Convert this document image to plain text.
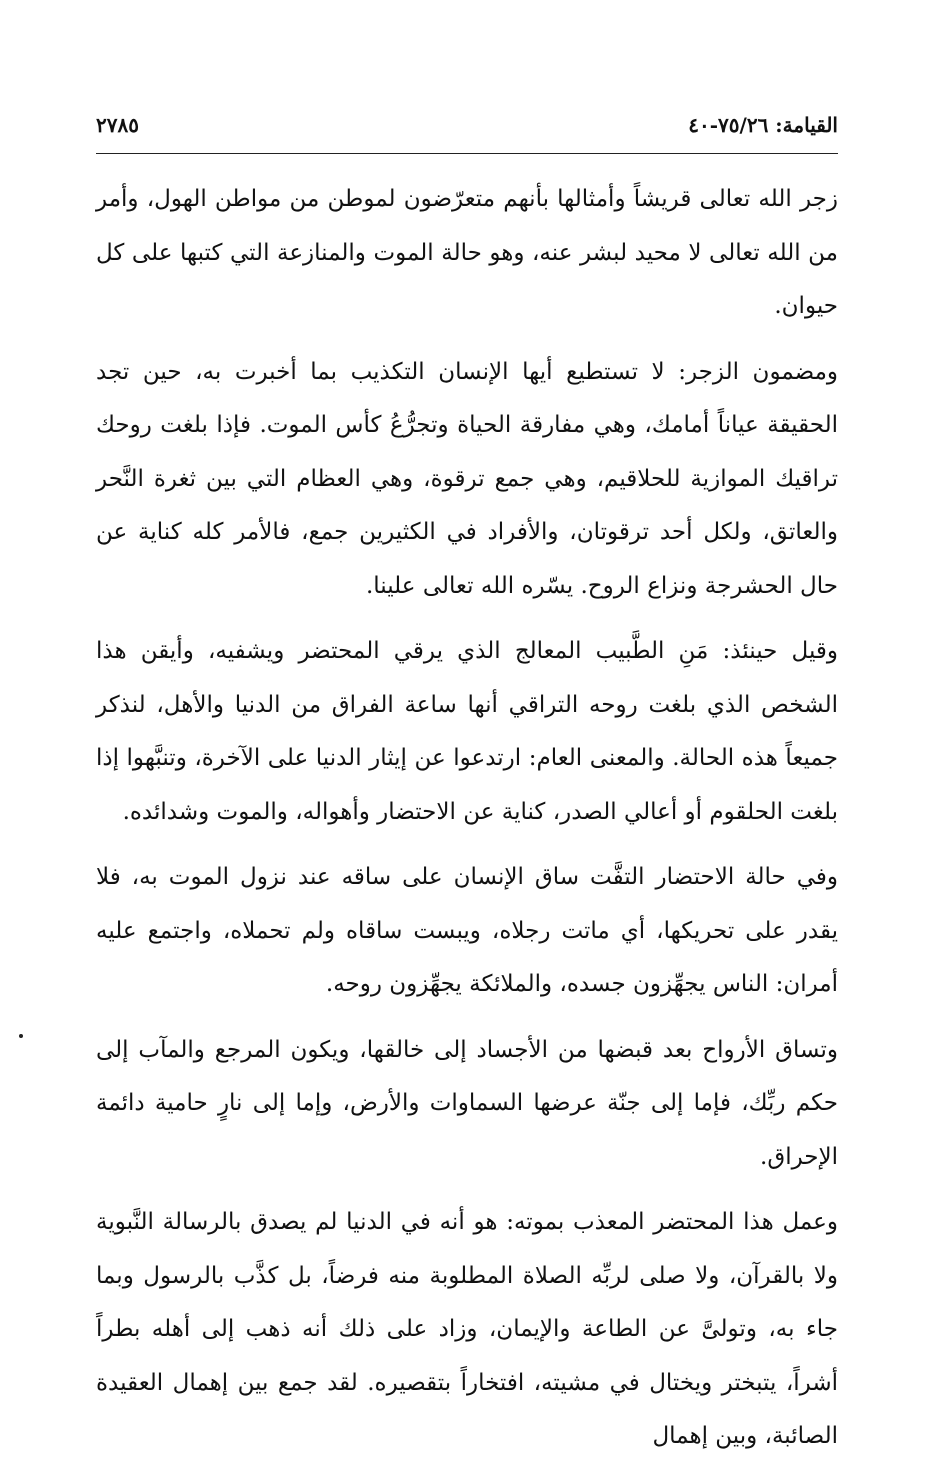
القيامة: ٧٥/٢٦-٤٠
٢٧٨٥

زجر الله تعالى قريشاً وأمثالها بأنهم متعرّضون لموطن من مواطن الهول، وأمر من الله تعالى لا محيد لبشر عنه، وهو حالة الموت والمنازعة التي كتبها على كل حيوان.

ومضمون الزجر: لا تستطيع أيها الإنسان التكذيب بما أخبرت به، حين تجد الحقيقة عياناً أمامك، وهي مفارقة الحياة وتجرُّعُ كأس الموت. فإذا بلغت روحك تراقيك الموازية للحلاقيم، وهي جمع ترقوة، وهي العظام التي بين ثغرة النَّحر والعاتق، ولكل أحد ترقوتان، والأفراد في الكثيرين جمع، فالأمر كله كناية عن حال الحشرجة ونزاع الروح. يسّره الله تعالى علينا.

وقيل حينئذ: مَنِ الطَّبيب المعالج الذي يرقي المحتضر ويشفيه، وأيقن هذا الشخص الذي بلغت روحه التراقي أنها ساعة الفراق من الدنيا والأهل، لنذكر جميعاً هذه الحالة. والمعنى العام: ارتدعوا عن إيثار الدنيا على الآخرة، وتنبَّهوا إذا بلغت الحلقوم أو أعالي الصدر، كناية عن الاحتضار وأهواله، والموت وشدائده.

وفي حالة الاحتضار التفَّت ساق الإنسان على ساقه عند نزول الموت به، فلا يقدر على تحريكها، أي ماتت رجلاه، ويبست ساقاه ولم تحملاه، واجتمع عليه أمران: الناس يجهِّزون جسده، والملائكة يجهِّزون روحه.

وتساق الأرواح بعد قبضها من الأجساد إلى خالقها، ويكون المرجع والمآب إلى حكم ربِّك، فإما إلى جنّة عرضها السماوات والأرض، وإما إلى نارٍ حامية دائمة الإحراق.

وعمل هذا المحتضر المعذب بموته: هو أنه في الدنيا لم يصدق بالرسالة النَّبوية ولا بالقرآن، ولا صلى لربِّه الصلاة المطلوبة منه فرضاً، بل كذَّب بالرسول وبما جاء به، وتولىَّ عن الطاعة والإيمان، وزاد على ذلك أنه ذهب إلى أهله بطراً أشراً، يتبختر ويختال في مشيته، افتخاراً بتقصيره. لقد جمع بين إهمال العقيدة الصائبة، وبين إهمال
